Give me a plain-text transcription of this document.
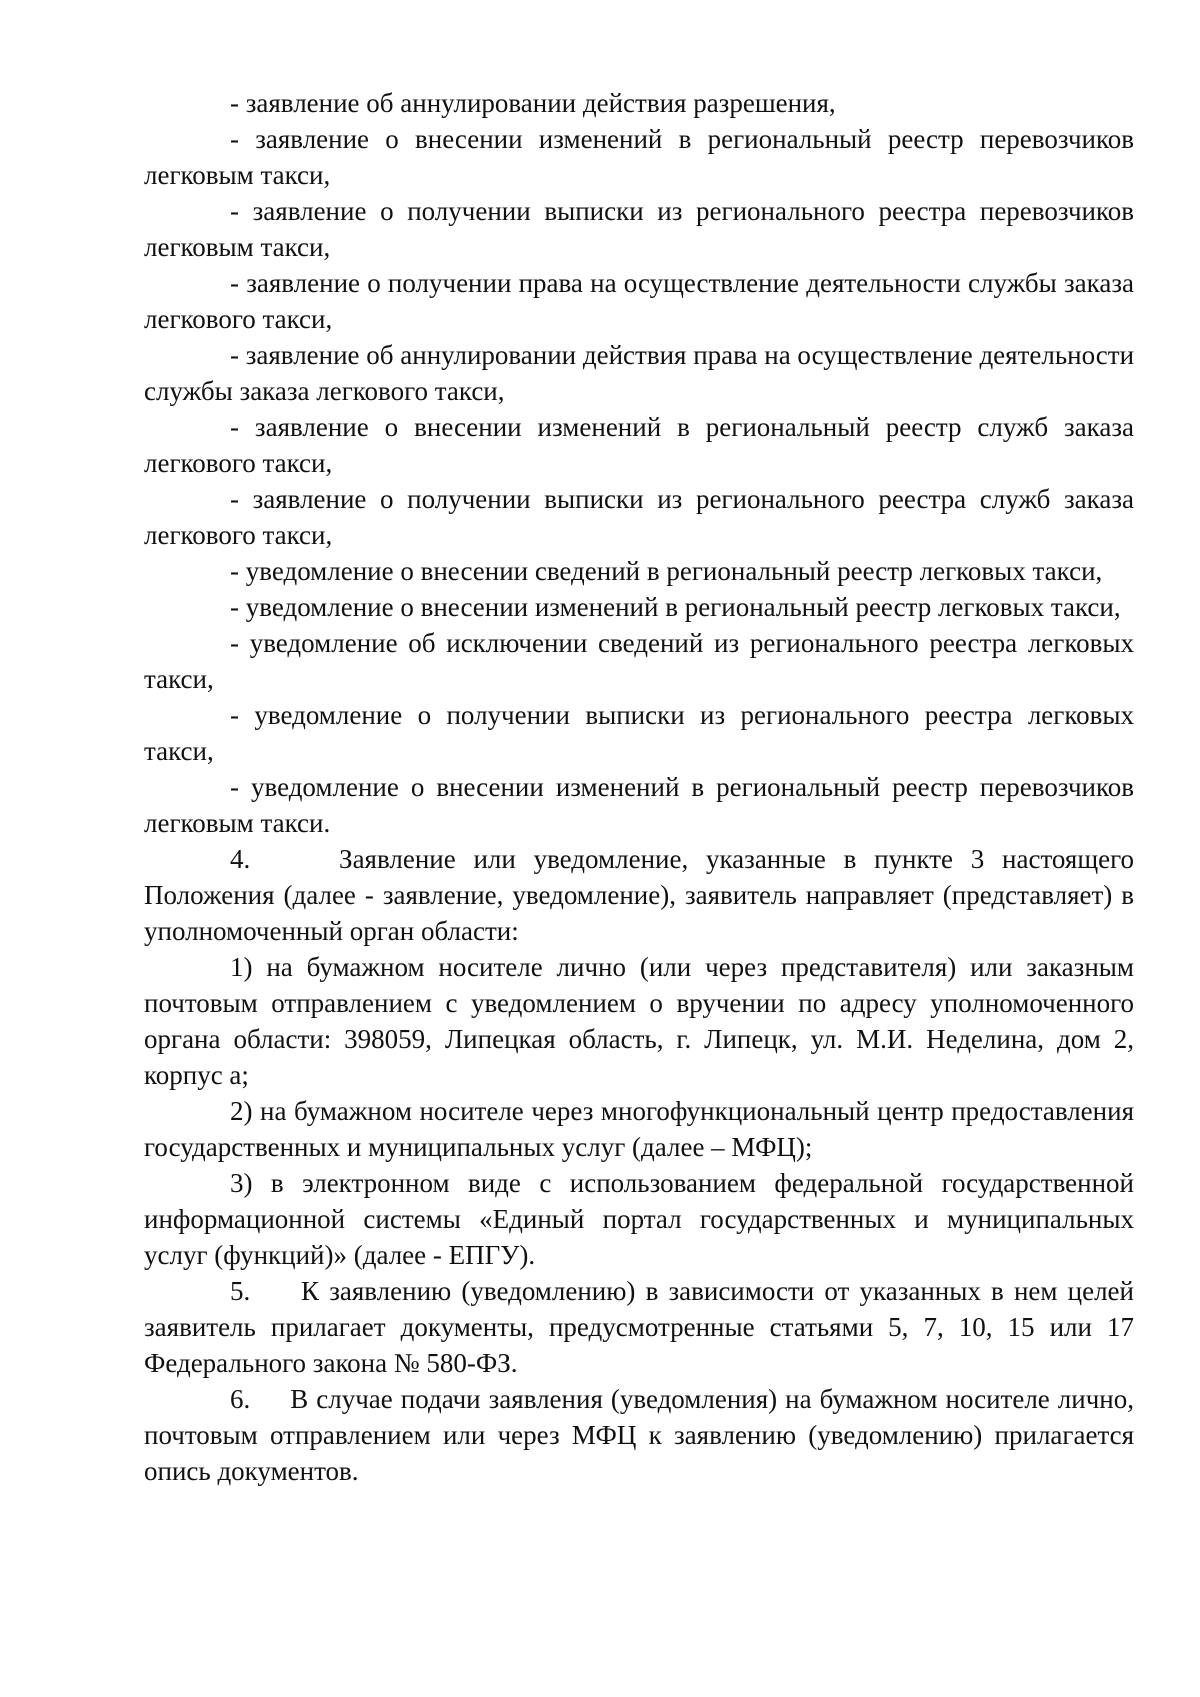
- заявление об аннулировании действия разрешения,

- заявление о внесении изменений в региональный реестр перевозчиков легковым такси,

- заявление о получении выписки из регионального реестра перевозчиков легковым такси,

- заявление о получении права на осуществление деятельности службы заказа легкового такси,

- заявление об аннулировании действия права на осуществление деятельности службы заказа легкового такси,

- заявление о внесении изменений в региональный реестр служб заказа легкового такси,

- заявление о получении выписки из регионального реестра служб заказа легкового такси,

- уведомление о внесении сведений в региональный реестр легковых такси,

- уведомление о внесении изменений в региональный реестр легковых такси,

- уведомление об исключении сведений из регионального реестра легковых такси,

- уведомление о получении выписки из регионального реестра легковых такси,

- уведомление о внесении изменений в региональный реестр перевозчиков легковым такси.

4.     Заявление или уведомление, указанные в пункте 3 настоящего Положения (далее - заявление, уведомление), заявитель направляет (представляет) в уполномоченный орган области:

1) на бумажном носителе лично (или через представителя) или заказным почтовым отправлением с уведомлением о вручении по адресу уполномоченного органа области: 398059, Липецкая область, г. Липецк, ул. М.И. Неделина, дом 2, корпус а;

2) на бумажном носителе через многофункциональный центр предоставления государственных и муниципальных услуг (далее – МФЦ);

3) в электронном виде с использованием федеральной государственной информационной системы «Единый портал государственных и муниципальных услуг (функций)» (далее - ЕПГУ).

5.     К заявлению (уведомлению) в зависимости от указанных в нем целей заявитель прилагает документы, предусмотренные статьями 5, 7, 10, 15 или 17 Федерального закона № 580-ФЗ.

6.     В случае подачи заявления (уведомления) на бумажном носителе лично, почтовым отправлением или через МФЦ к заявлению (уведомлению) прилагается опись документов.
